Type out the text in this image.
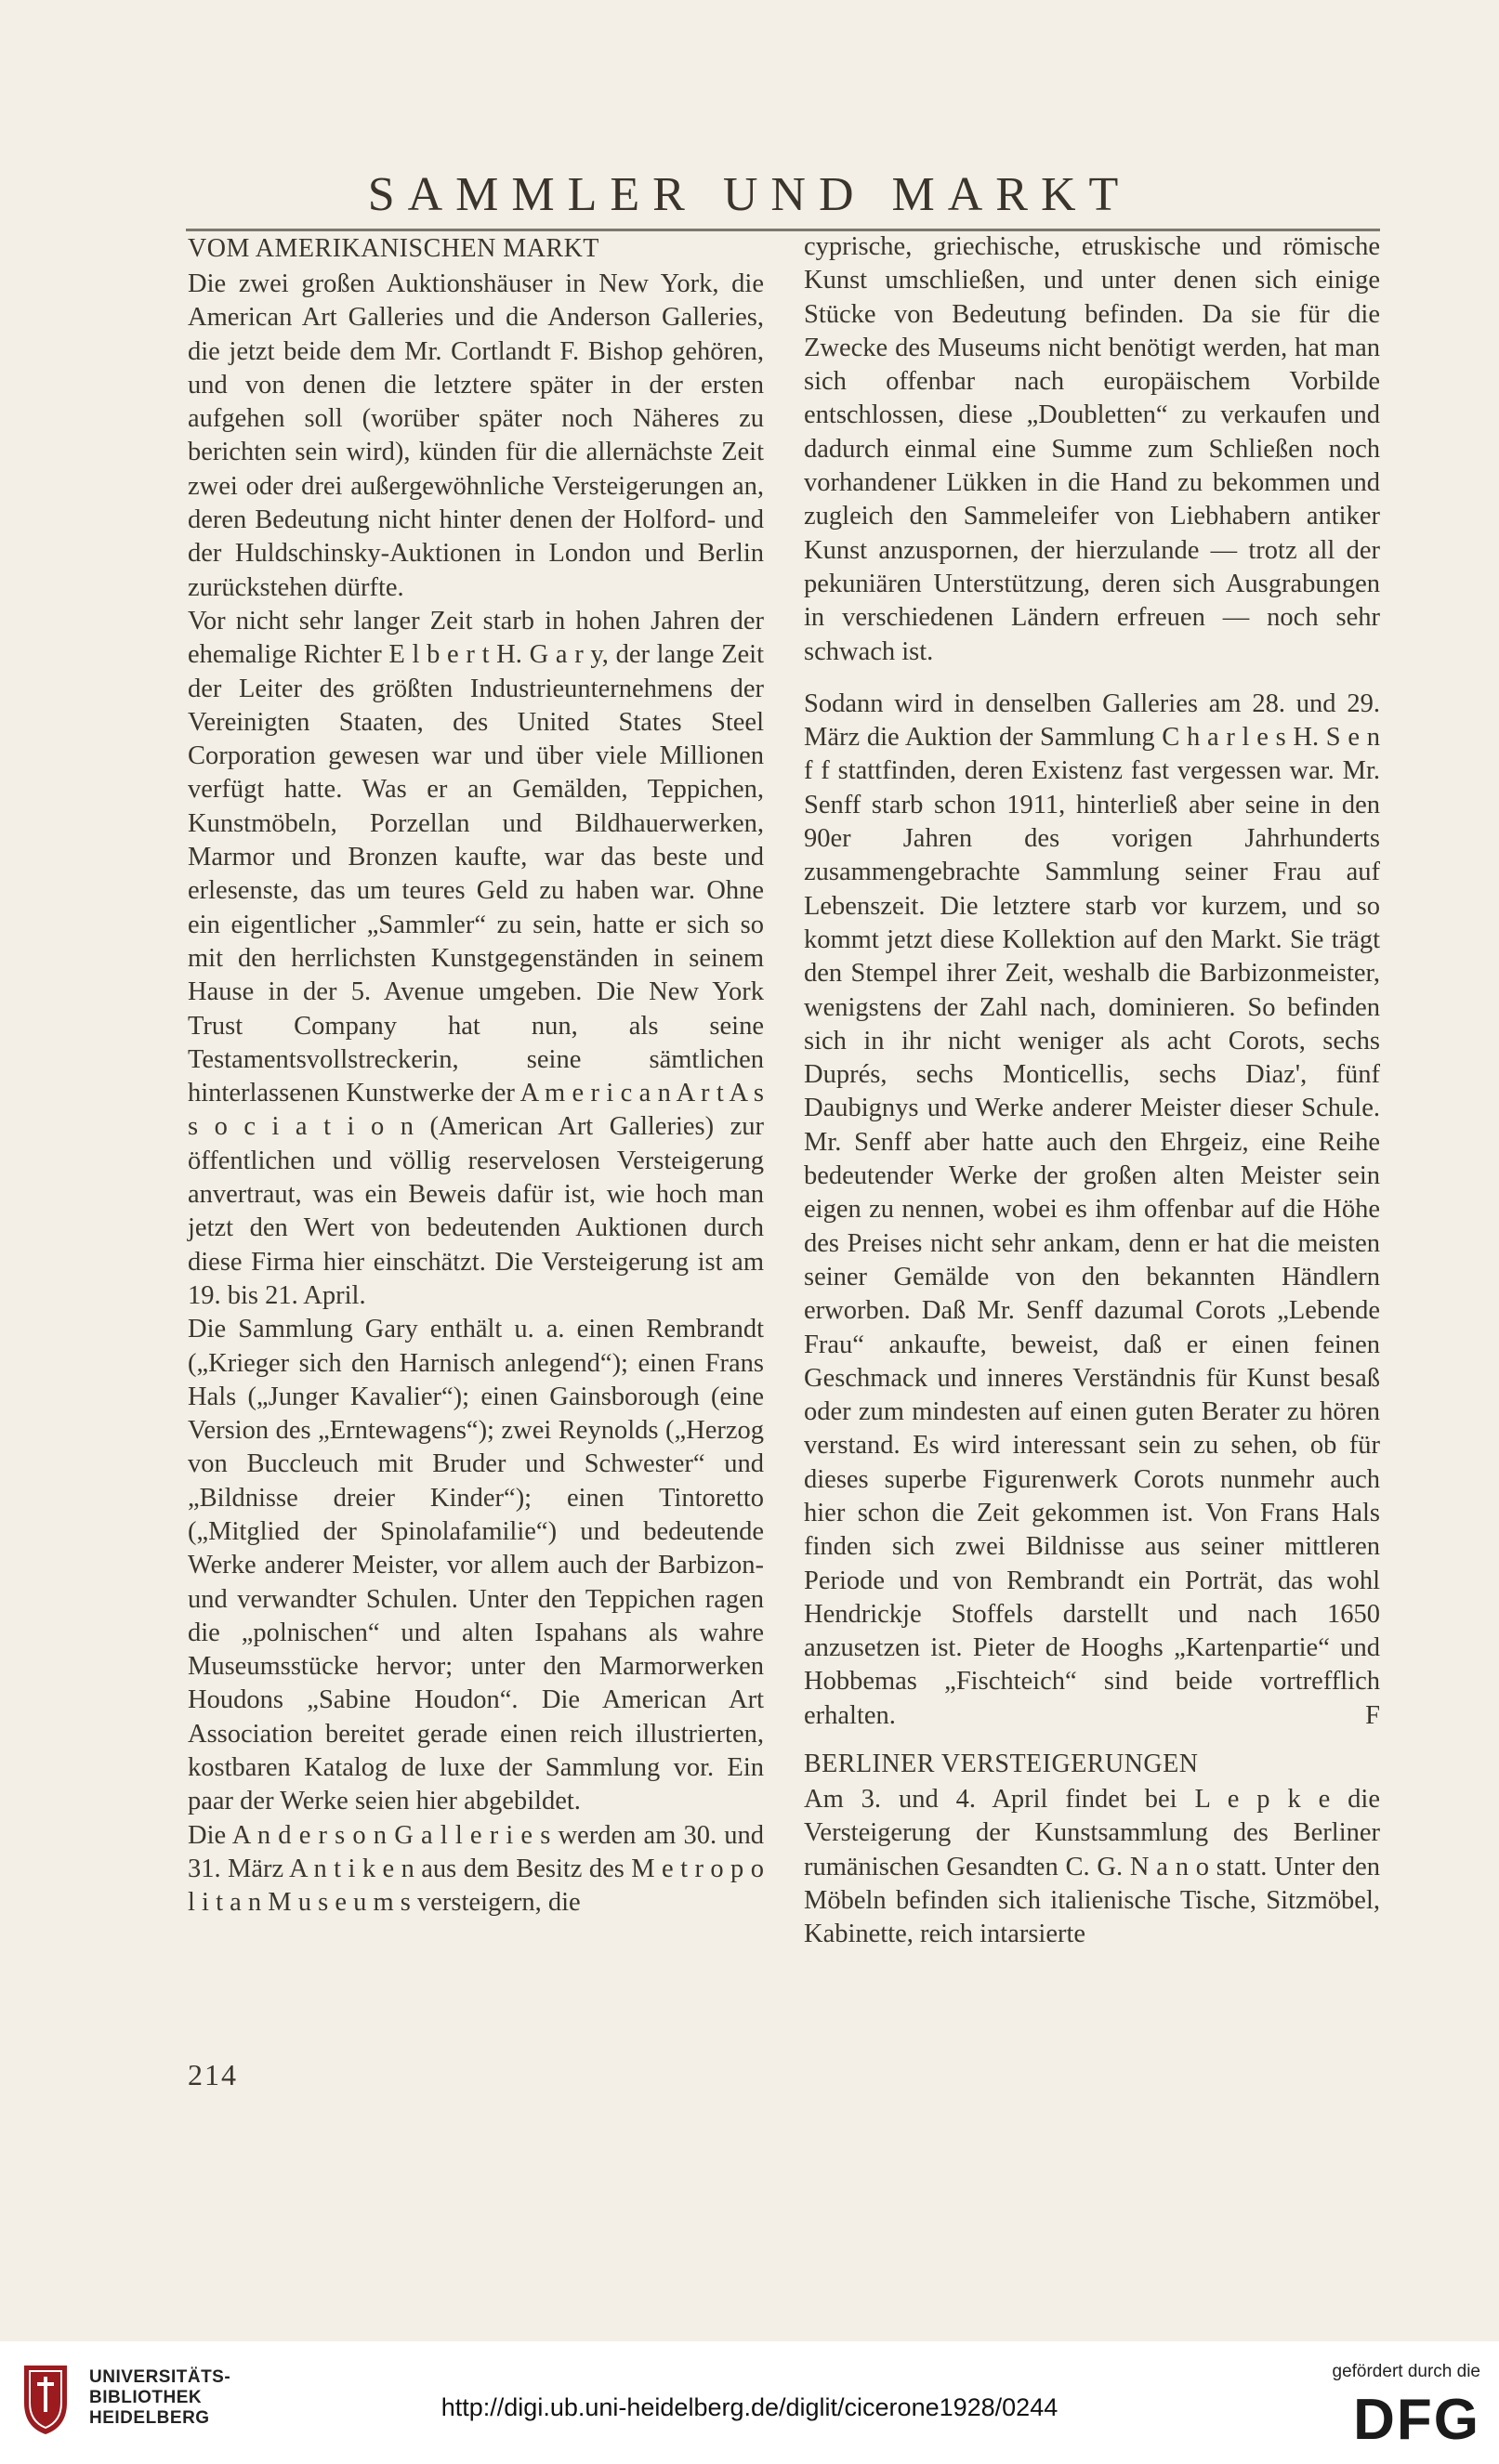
SAMMLER UND MARKT
VOM AMERIKANISCHEN MARKT

Die zwei großen Auktionshäuser in New York, die American Art Galleries und die Anderson Galleries, die jetzt beide dem Mr. Cortlandt F. Bishop gehören, und von denen die letztere später in der ersten aufgehen soll (worüber später noch Näheres zu berichten sein wird), künden für die allernächste Zeit zwei oder drei außergewöhnliche Versteigerungen an, deren Bedeutung nicht hinter denen der Holford- und der Huldschinsky-Auktionen in London und Berlin zurückstehen dürfte.

Vor nicht sehr langer Zeit starb in hohen Jahren der ehemalige Richter E l b e r t H. G a r y, der lange Zeit der Leiter des größten Industrieunternehmens der Vereinigten Staaten, des United States Steel Corporation gewesen war und über viele Millionen verfügt hatte. Was er an Gemälden, Teppichen, Kunstmöbeln, Porzellan und Bildhauerwerken, Marmor und Bronzen kaufte, war das beste und erlesenste, das um teures Geld zu haben war. Ohne ein eigentlicher „Sammler“ zu sein, hatte er sich so mit den herrlichsten Kunstgegenständen in seinem Hause in der 5. Avenue umgeben. Die New York Trust Company hat nun, als seine Testamentsvollstreckerin, seine sämtlichen hinterlassenen Kunstwerke der A m e r i c a n A r t A s s o c i a t i o n (American Art Galleries) zur öffentlichen und völlig reservelosen Versteigerung anvertraut, was ein Beweis dafür ist, wie hoch man jetzt den Wert von bedeutenden Auktionen durch diese Firma hier einschätzt. Die Versteigerung ist am 19. bis 21. April.

Die Sammlung Gary enthält u. a. einen Rembrandt („Krieger sich den Harnisch anlegend“); einen Frans Hals („Junger Kavalier“); einen Gainsborough (eine Version des „Erntewagens“); zwei Reynolds („Herzog von Buccleuch mit Bruder und Schwester“ und „Bildnisse dreier Kinder“); einen Tintoretto („Mitglied der Spinolafamilie“) und bedeutende Werke anderer Meister, vor allem auch der Barbizon- und verwandter Schulen. Unter den Teppichen ragen die „polnischen“ und alten Ispahans als wahre Museumsstücke hervor; unter den Marmorwerken Houdons „Sabine Houdon“. Die American Art Association bereitet gerade einen reich illustrierten, kostbaren Katalog de luxe der Sammlung vor. Ein paar der Werke seien hier abgebildet.

Die A n d e r s o n G a l l e r i e s werden am 30. und 31. März A n t i k e n aus dem Besitz des M e t r o p o l i t a n M u s e u m s versteigern, die

214

cyprische, griechische, etruskische und römische Kunst umschließen, und unter denen sich einige Stücke von Bedeutung befinden. Da sie für die Zwecke des Museums nicht benötigt werden, hat man sich offenbar nach europäischem Vorbilde entschlossen, diese „Doubletten“ zu verkaufen und dadurch einmal eine Summe zum Schließen noch vorhandener Lükken in die Hand zu bekommen und zugleich den Sammeleifer von Liebhabern antiker Kunst anzuspornen, der hierzulande — trotz all der pekuniären Unterstützung, deren sich Ausgrabungen in verschiedenen Ländern erfreuen — noch sehr schwach ist.

Sodann wird in denselben Galleries am 28. und 29. März die Auktion der Sammlung C h a r l e s H. S e n f f stattfinden, deren Existenz fast vergessen war. Mr. Senff starb schon 1911, hinterließ aber seine in den 90er Jahren des vorigen Jahrhunderts zusammengebrachte Sammlung seiner Frau auf Lebenszeit. Die letztere starb vor kurzem, und so kommt jetzt diese Kollektion auf den Markt. Sie trägt den Stempel ihrer Zeit, weshalb die Barbizonmeister, wenigstens der Zahl nach, dominieren. So befinden sich in ihr nicht weniger als acht Corots, sechs Duprés, sechs Monticellis, sechs Diaz', fünf Daubignys und Werke anderer Meister dieser Schule. Mr. Senff aber hatte auch den Ehrgeiz, eine Reihe bedeutender Werke der großen alten Meister sein eigen zu nennen, wobei es ihm offenbar auf die Höhe des Preises nicht sehr ankam, denn er hat die meisten seiner Gemälde von den bekannten Händlern erworben. Daß Mr. Senff dazumal Corots „Lebende Frau“ ankaufte, beweist, daß er einen feinen Geschmack und inneres Verständnis für Kunst besaß oder zum mindesten auf einen guten Berater zu hören verstand. Es wird interessant sein zu sehen, ob für dieses superbe Figurenwerk Corots nunmehr auch hier schon die Zeit gekommen ist. Von Frans Hals finden sich zwei Bildnisse aus seiner mittleren Periode und von Rembrandt ein Porträt, das wohl Hendrickje Stoffels darstellt und nach 1650 anzusetzen ist. Pieter de Hooghs „Kartenpartie“ und Hobbemas „Fischteich“ sind beide vortrefflich erhalten.	F

BERLINER VERSTEIGERUNGEN

Am 3. und 4. April findet bei L e p k e die Versteigerung der Kunstsammlung des Berliner rumänischen Gesandten C. G. N a n o statt. Unter den Möbeln befinden sich italienische Tische, Sitzmöbel, Kabinette, reich intarsierte

UNIVERSITÄTS-
BIBLIOTHEK
HEIDELBERG	http://digi.ub.uni-heidelberg.de/diglit/cicerone1928/0244
gefördert durch die
DFG
